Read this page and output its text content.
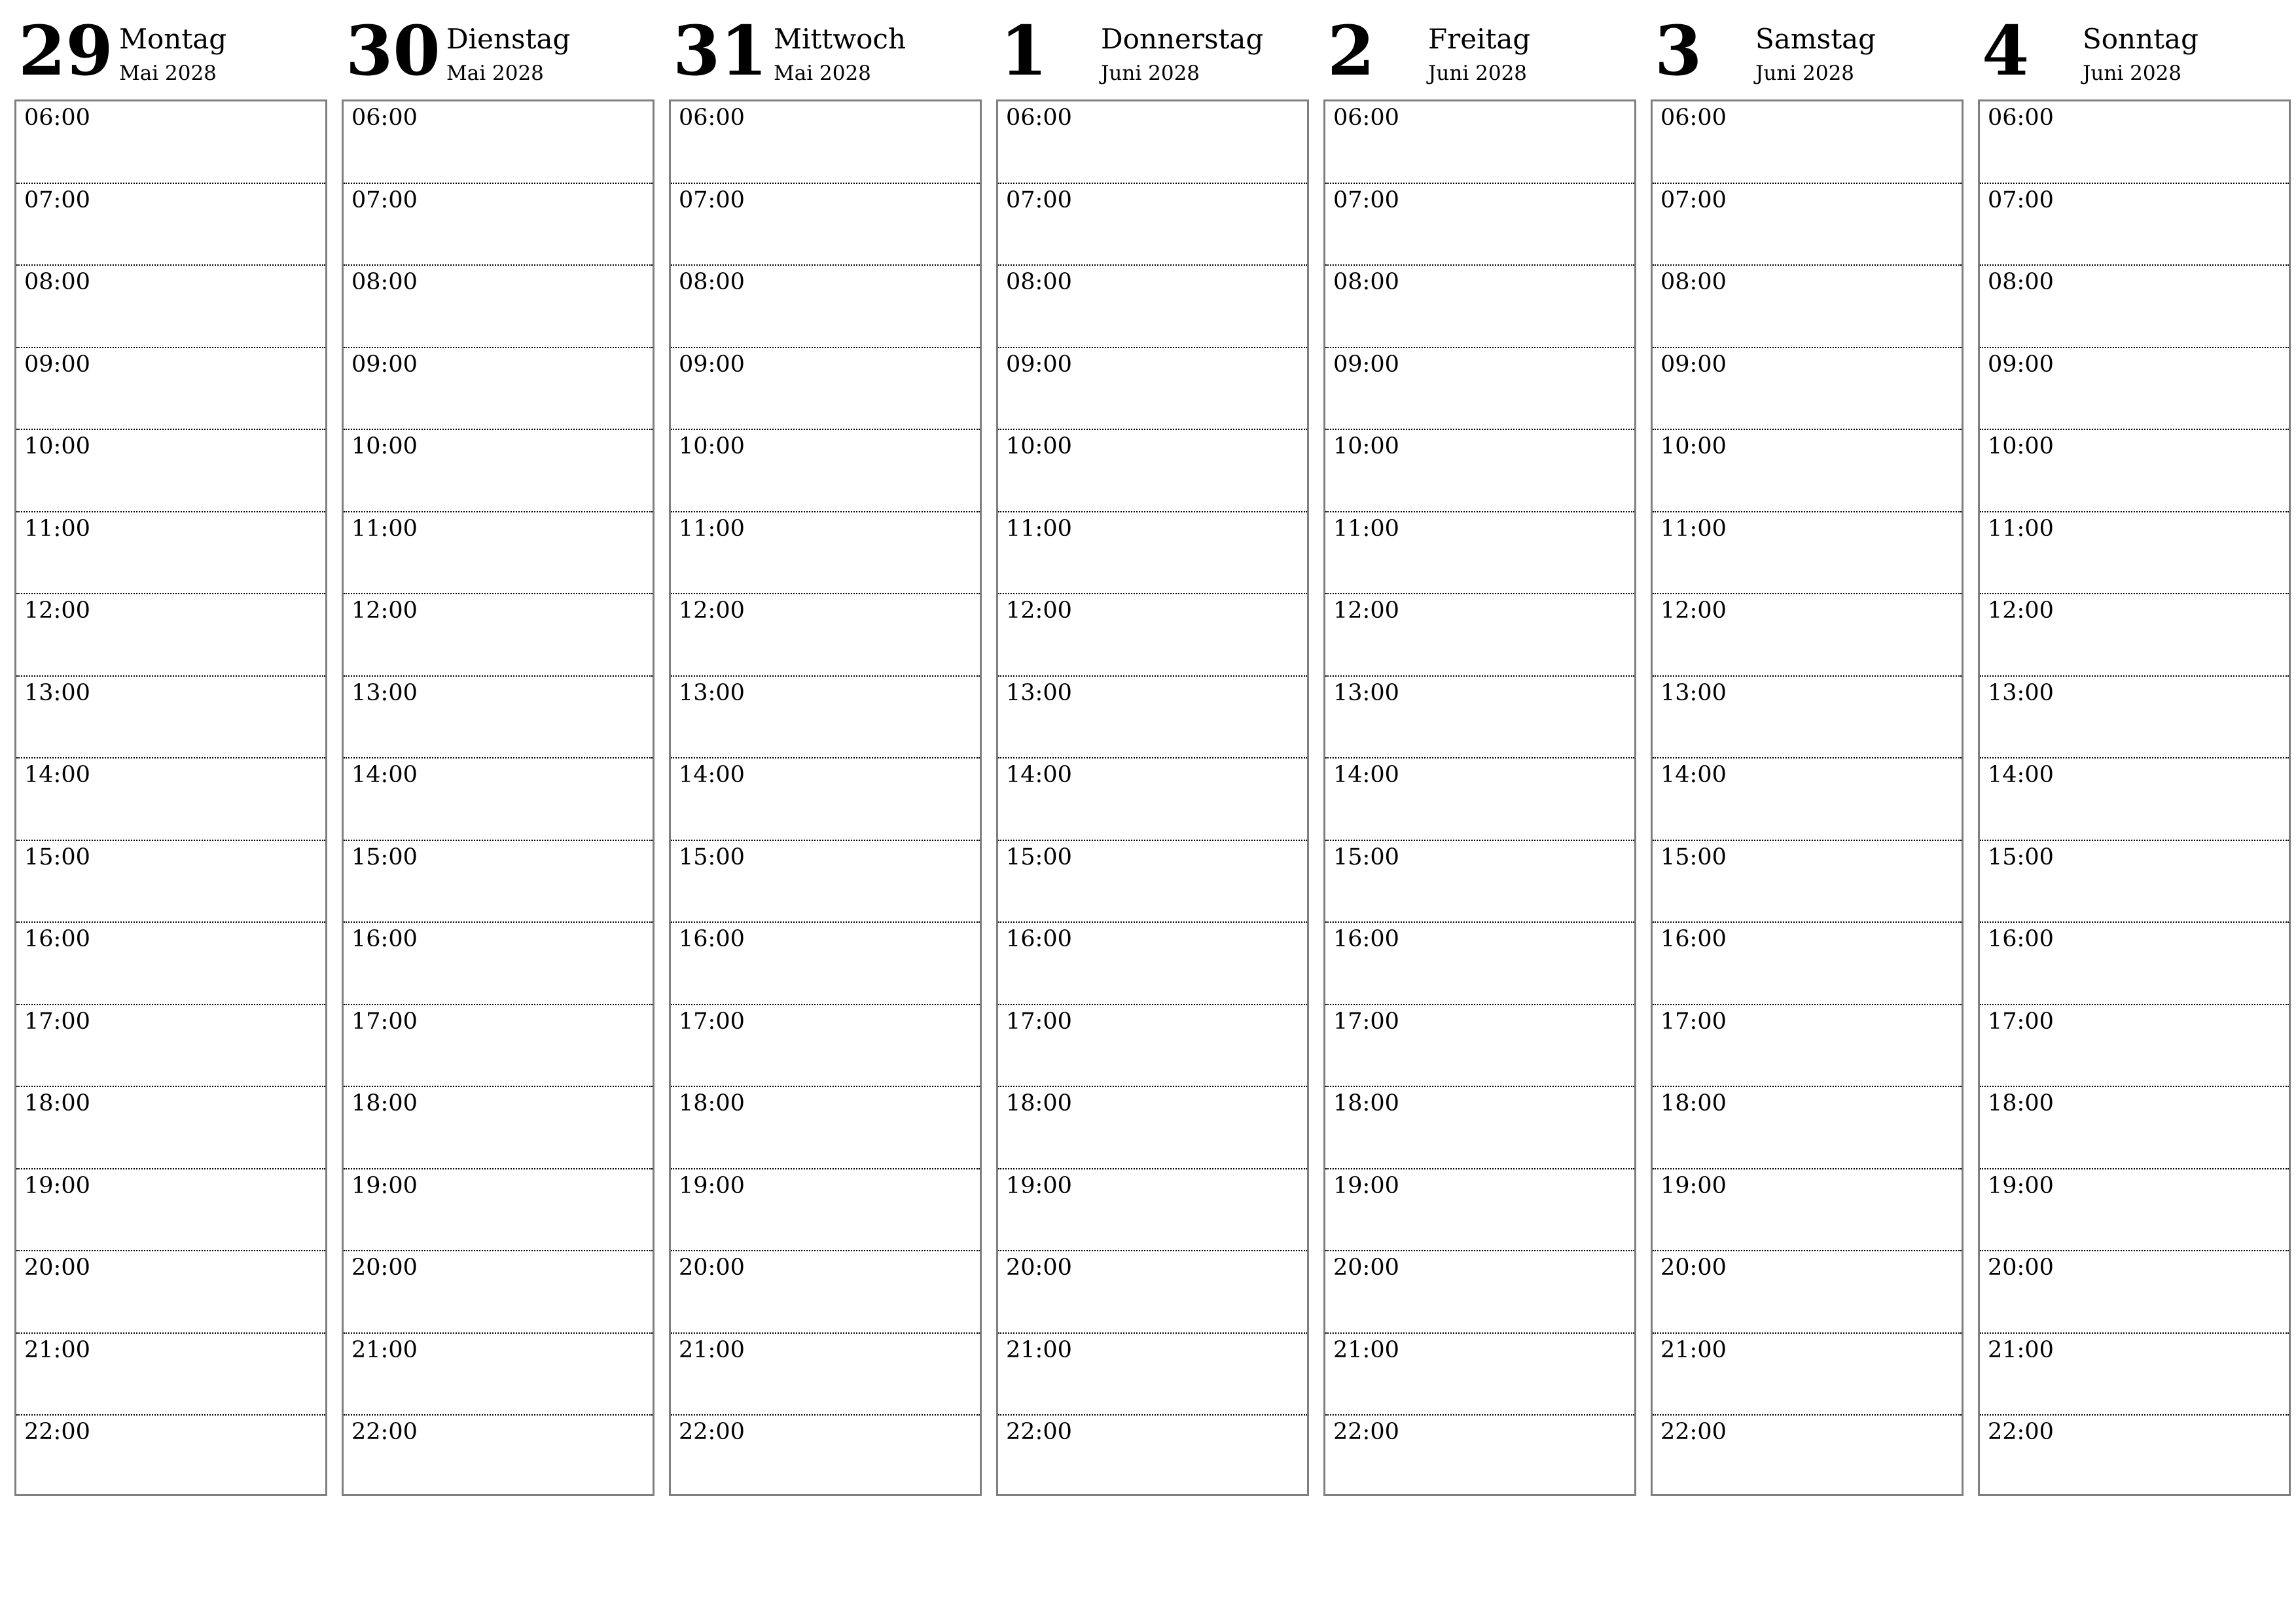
29 Montag
Mai 2028
06:00
07:00
08:00
09:00
10:00
11:00
12:00
13:00
14:00
15:00
16:00
17:00
18:00
19:00
20:00
21:00
22:00
30 Dienstag
Mai 2028
06:00
07:00
08:00
09:00
10:00
11:00
12:00
13:00
14:00
15:00
16:00
17:00
18:00
19:00
20:00
21:00
22:00
31 Mittwoch
Mai 2028
06:00
07:00
08:00
09:00
10:00
11:00
12:00
13:00
14:00
15:00
16:00
17:00
18:00
19:00
20:00
21:00
22:00
1 Donnerstag
Juni 2028
06:00
07:00
08:00
09:00
10:00
11:00
12:00
13:00
14:00
15:00
16:00
17:00
18:00
19:00
20:00
21:00
22:00
2 Freitag
Juni 2028
06:00
07:00
08:00
09:00
10:00
11:00
12:00
13:00
14:00
15:00
16:00
17:00
18:00
19:00
20:00
21:00
22:00
3 Samstag
Juni 2028
06:00
07:00
08:00
09:00
10:00
11:00
12:00
13:00
14:00
15:00
16:00
17:00
18:00
19:00
20:00
21:00
22:00
4 Sonntag
Juni 2028
06:00
07:00
08:00
09:00
10:00
11:00
12:00
13:00
14:00
15:00
16:00
17:00
18:00
19:00
20:00
21:00
22:00
